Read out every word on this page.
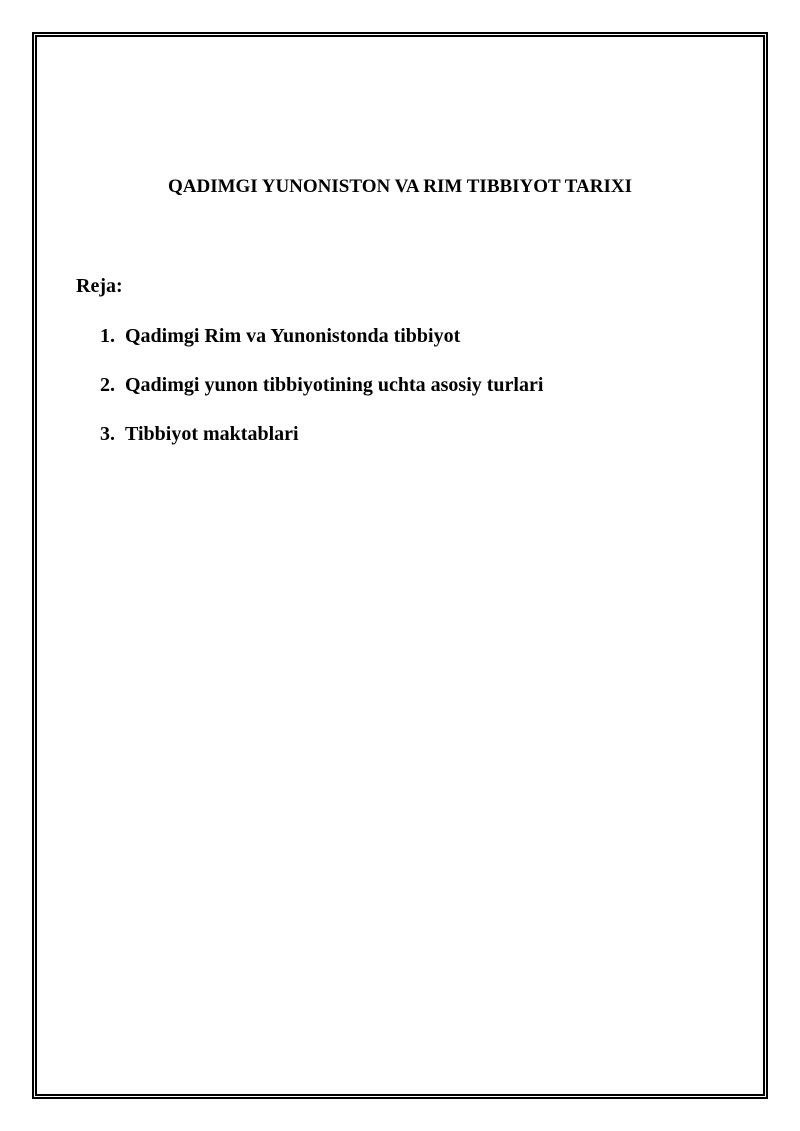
QADIMGI YUNONISTON VA RIM TIBBIYOT TARIXI
Reja:
1. Qadimgi Rim va Yunonistonda tibbiyot
2. Qadimgi yunon tibbiyotining uchta asosiy turlari
3. Tibbiyot maktablari
